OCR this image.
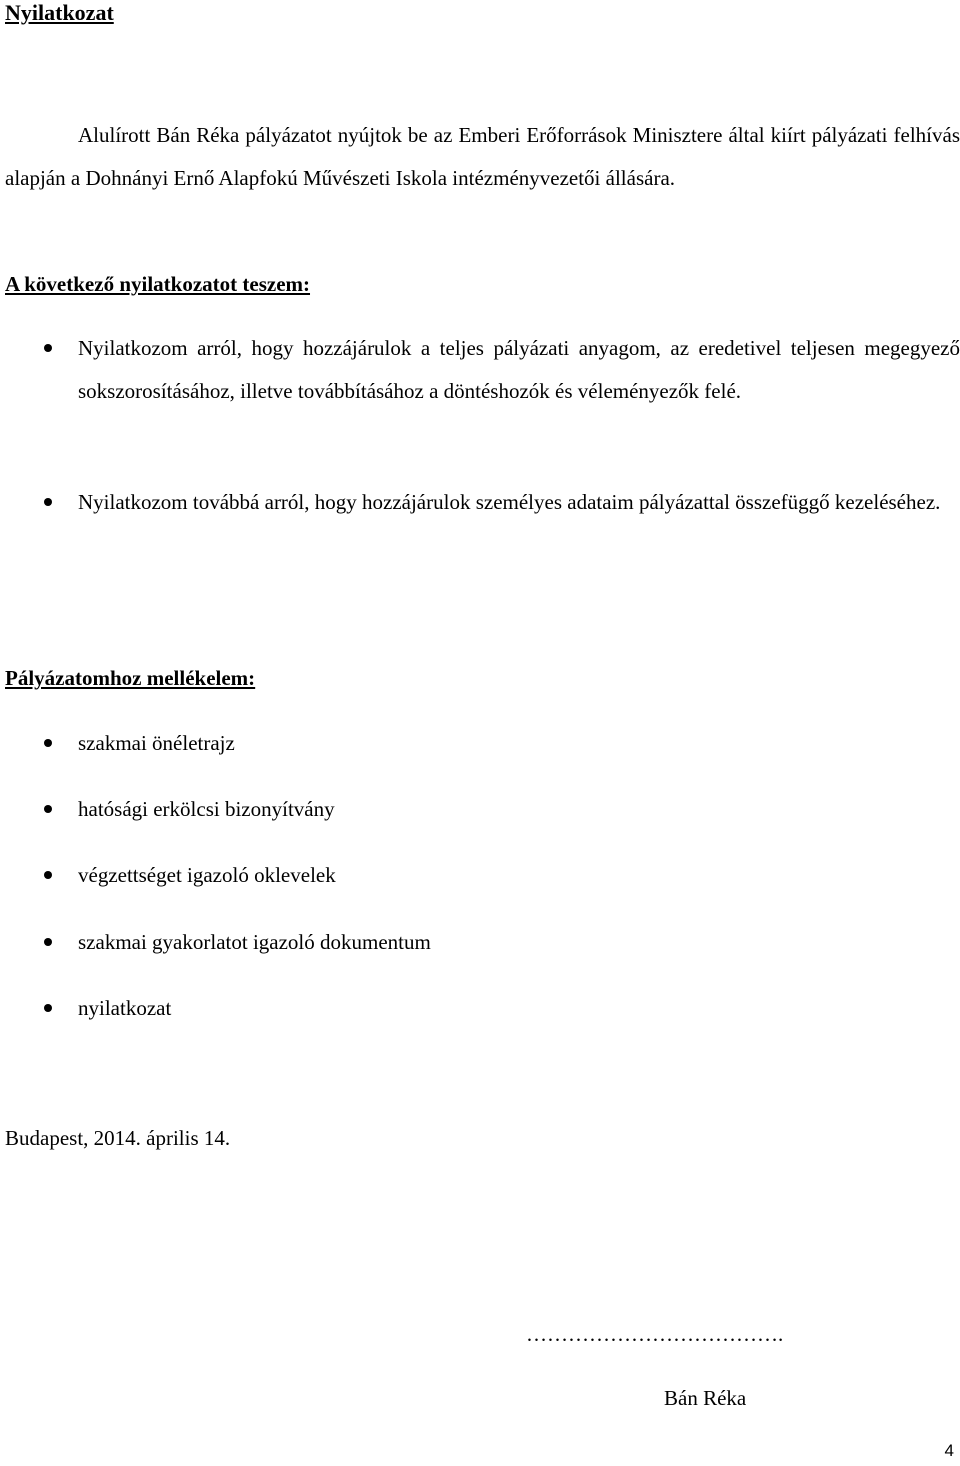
Nyilatkozat
Alulírott Bán Réka pályázatot nyújtok be az Emberi Erőforrások Minisztere által kiírt pályázati felhívás alapján a Dohnányi Ernő Alapfokú Művészeti Iskola intézményvezetői állására.
A következő nyilatkozatot teszem:
Nyilatkozom arról, hogy hozzájárulok a teljes pályázati anyagom, az eredetivel teljesen megegyező sokszorosításához, illetve továbbításához a döntéshozók és véleményezők felé.
Nyilatkozom továbbá arról, hogy hozzájárulok személyes adataim pályázattal összefüggő kezeléséhez.
Pályázatomhoz mellékelem:
szakmai önéletrajz
hatósági erkölcsi bizonyítvány
végzettséget igazoló oklevelek
szakmai gyakorlatot igazoló dokumentum
nyilatkozat
Budapest, 2014. április 14.
……………………………….
Bán Réka
4
